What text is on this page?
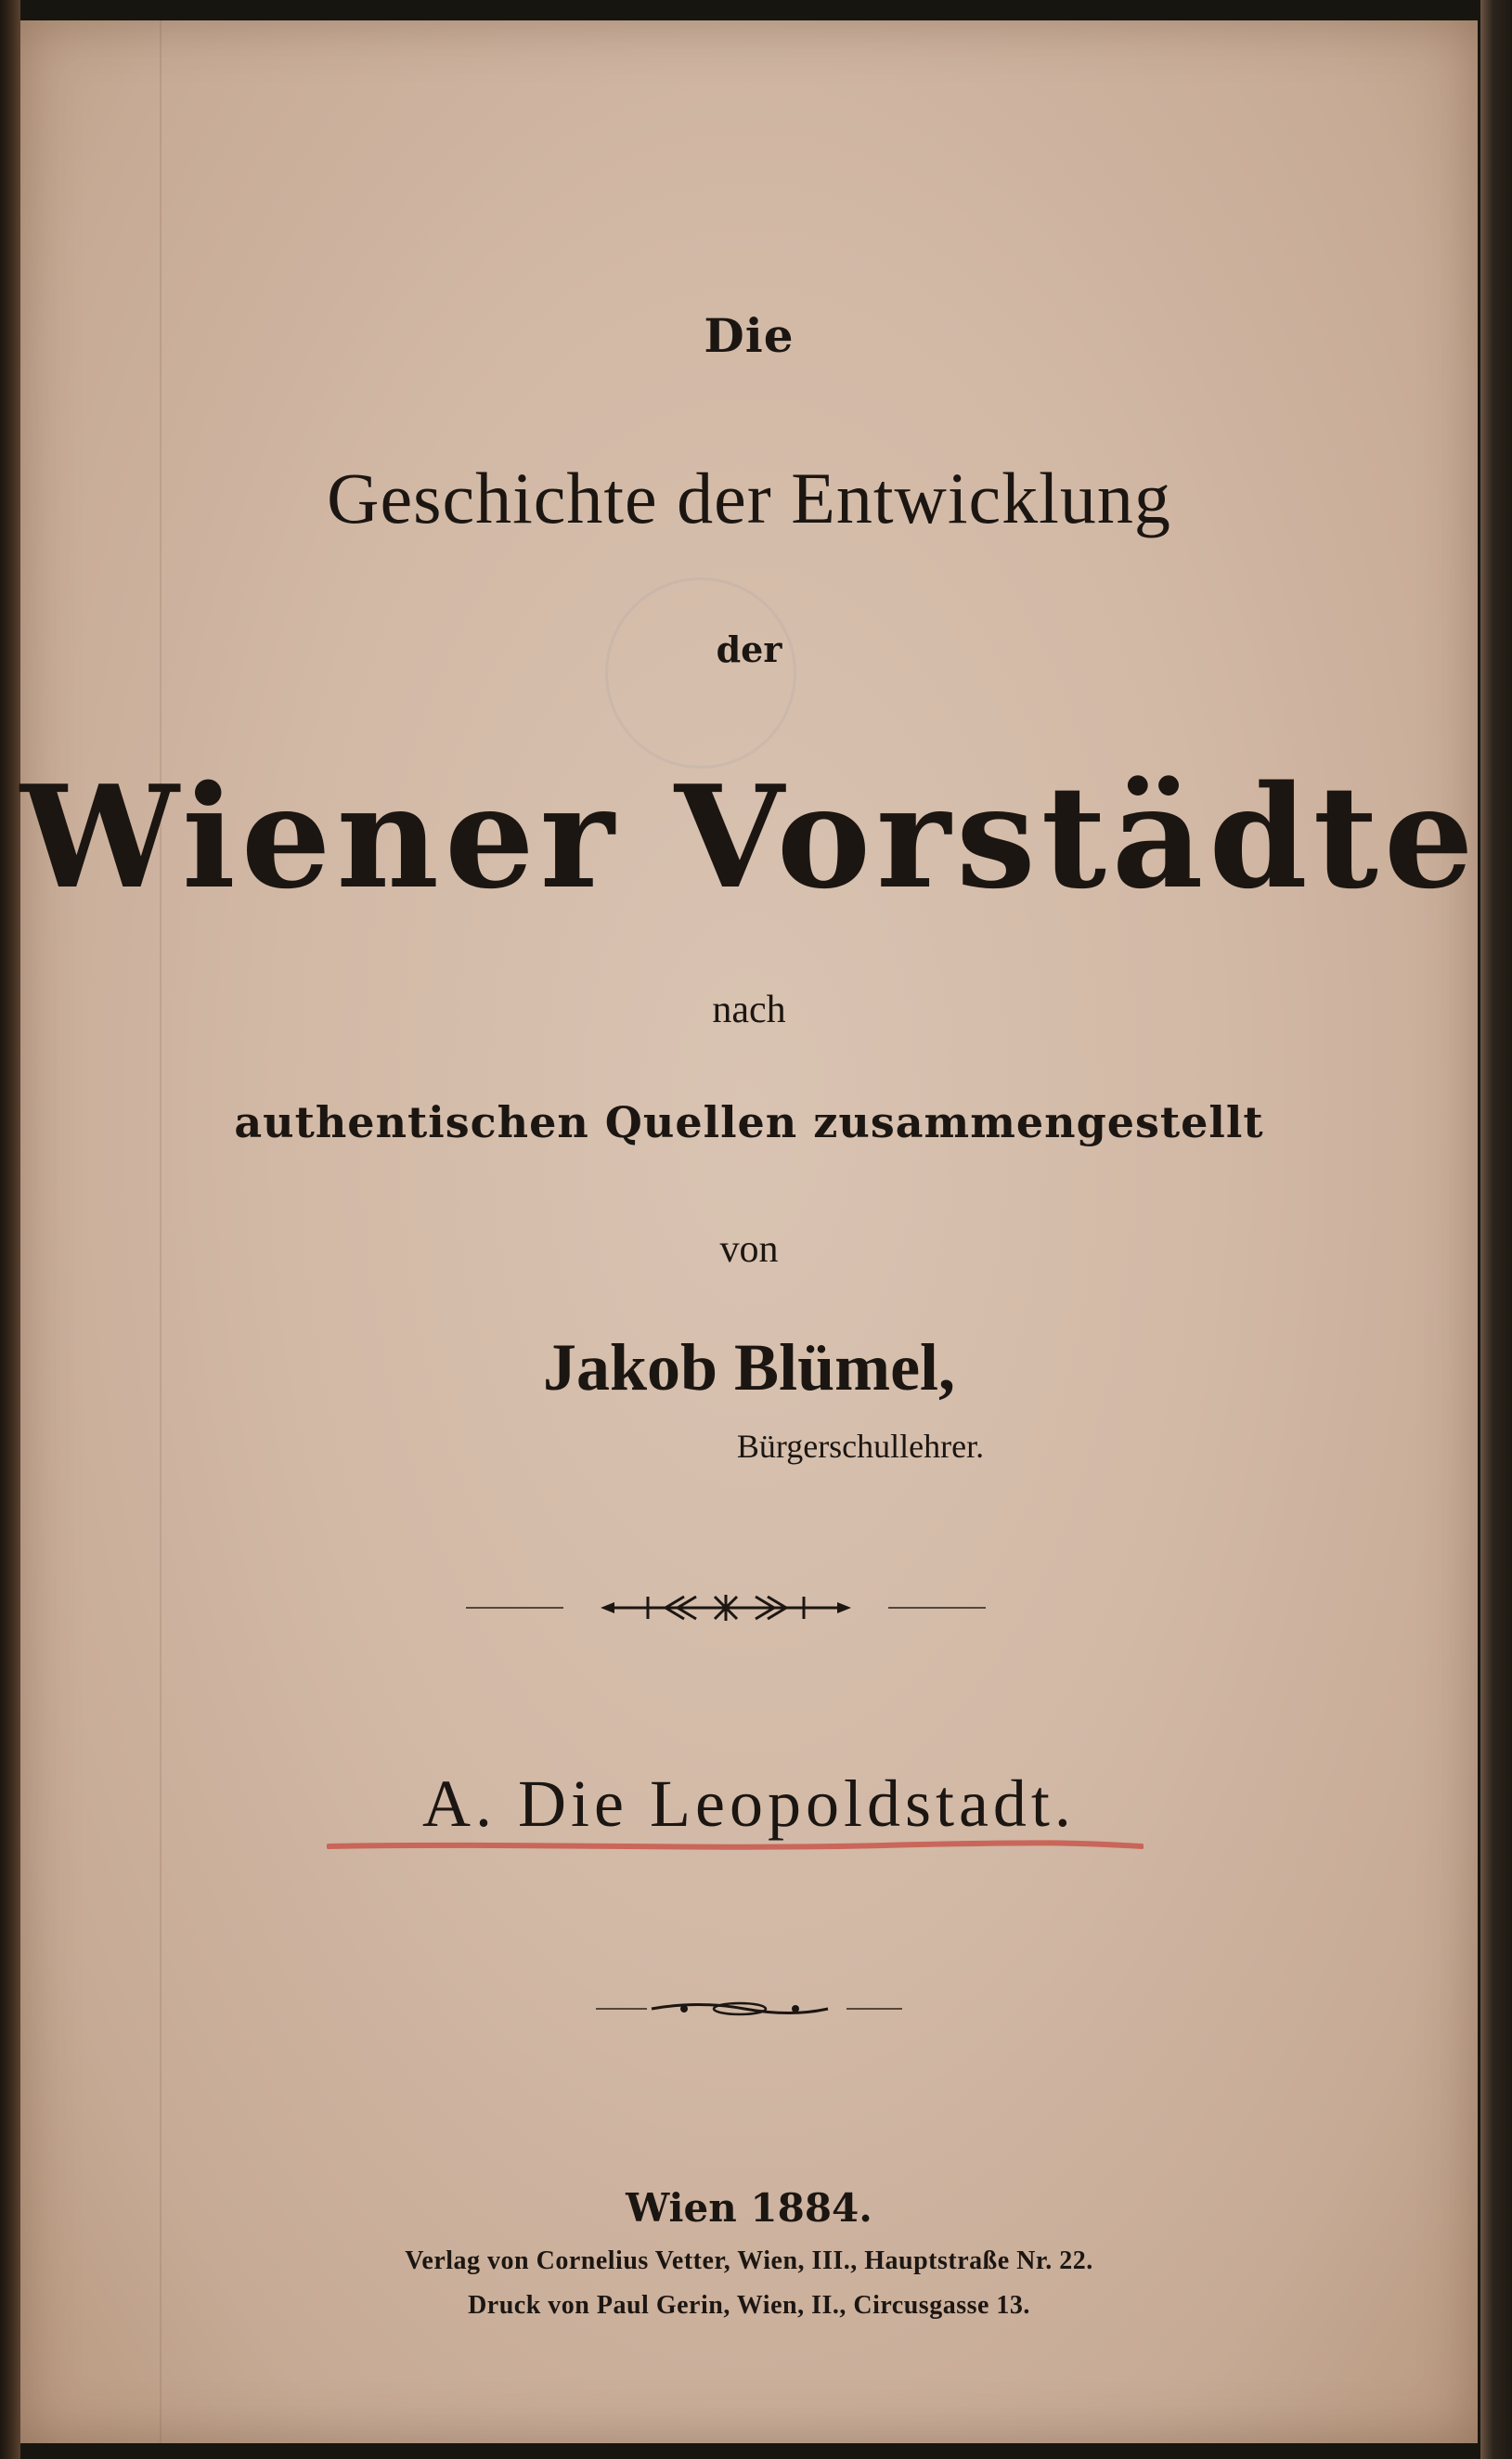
Die
Geschichte der Entwicklung
der
Wiener Vorstädte
nach
authentischen Quellen zusammengestellt
von
Jakob Blümel,
Bürgerschullehrer.
A. Die Leopoldstadt.
Wien 1884.
Verlag von Cornelius Vetter, Wien, III., Hauptstraße Nr. 22.
Druck von Paul Gerin, Wien, II., Circusgasse 13.
